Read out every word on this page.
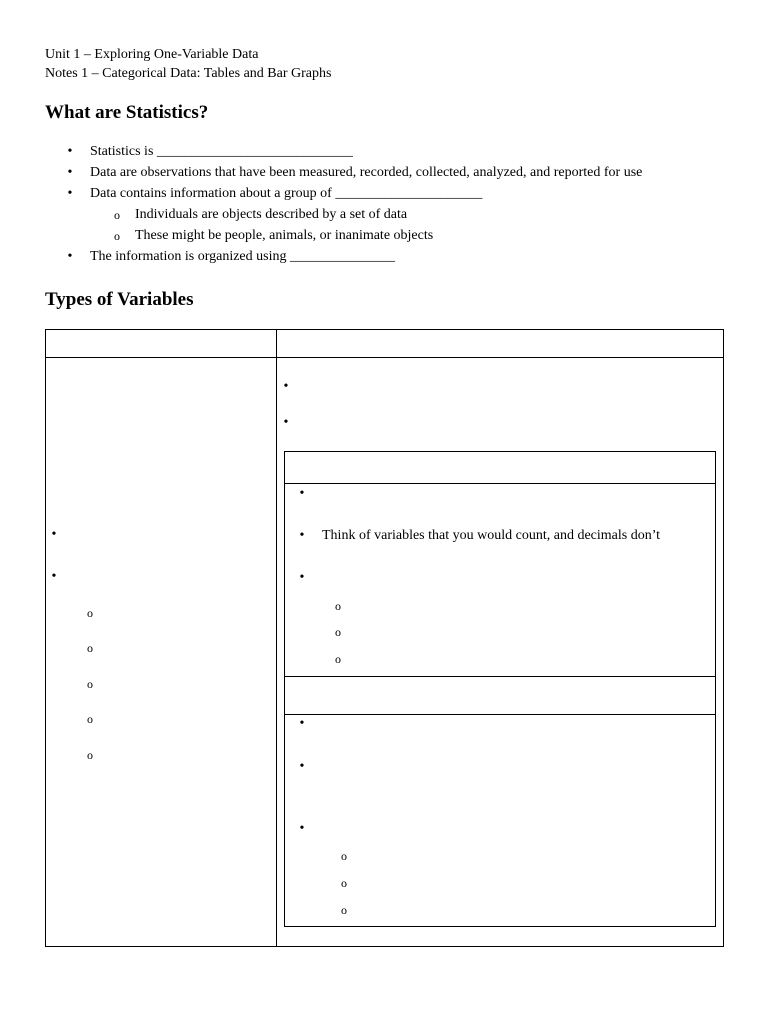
Unit 1 – Exploring One-Variable Data
Notes 1 – Categorical Data: Tables and Bar Graphs
What are Statistics?
• Statistics is ____________________________
• Data are observations that have been measured, recorded, collected, analyzed, and reported for use
• Data contains information about a group of _____________________
o Individuals are objects described by a set of data
o These might be people, animals, or inanimate objects
• The information is organized using _______________
Types of Variables
•
•
o
o
o
o
o
•
•
•
• Think of variables that you would count, and decimals don’t
•
o
o
o
•
•
•
o
o
o
